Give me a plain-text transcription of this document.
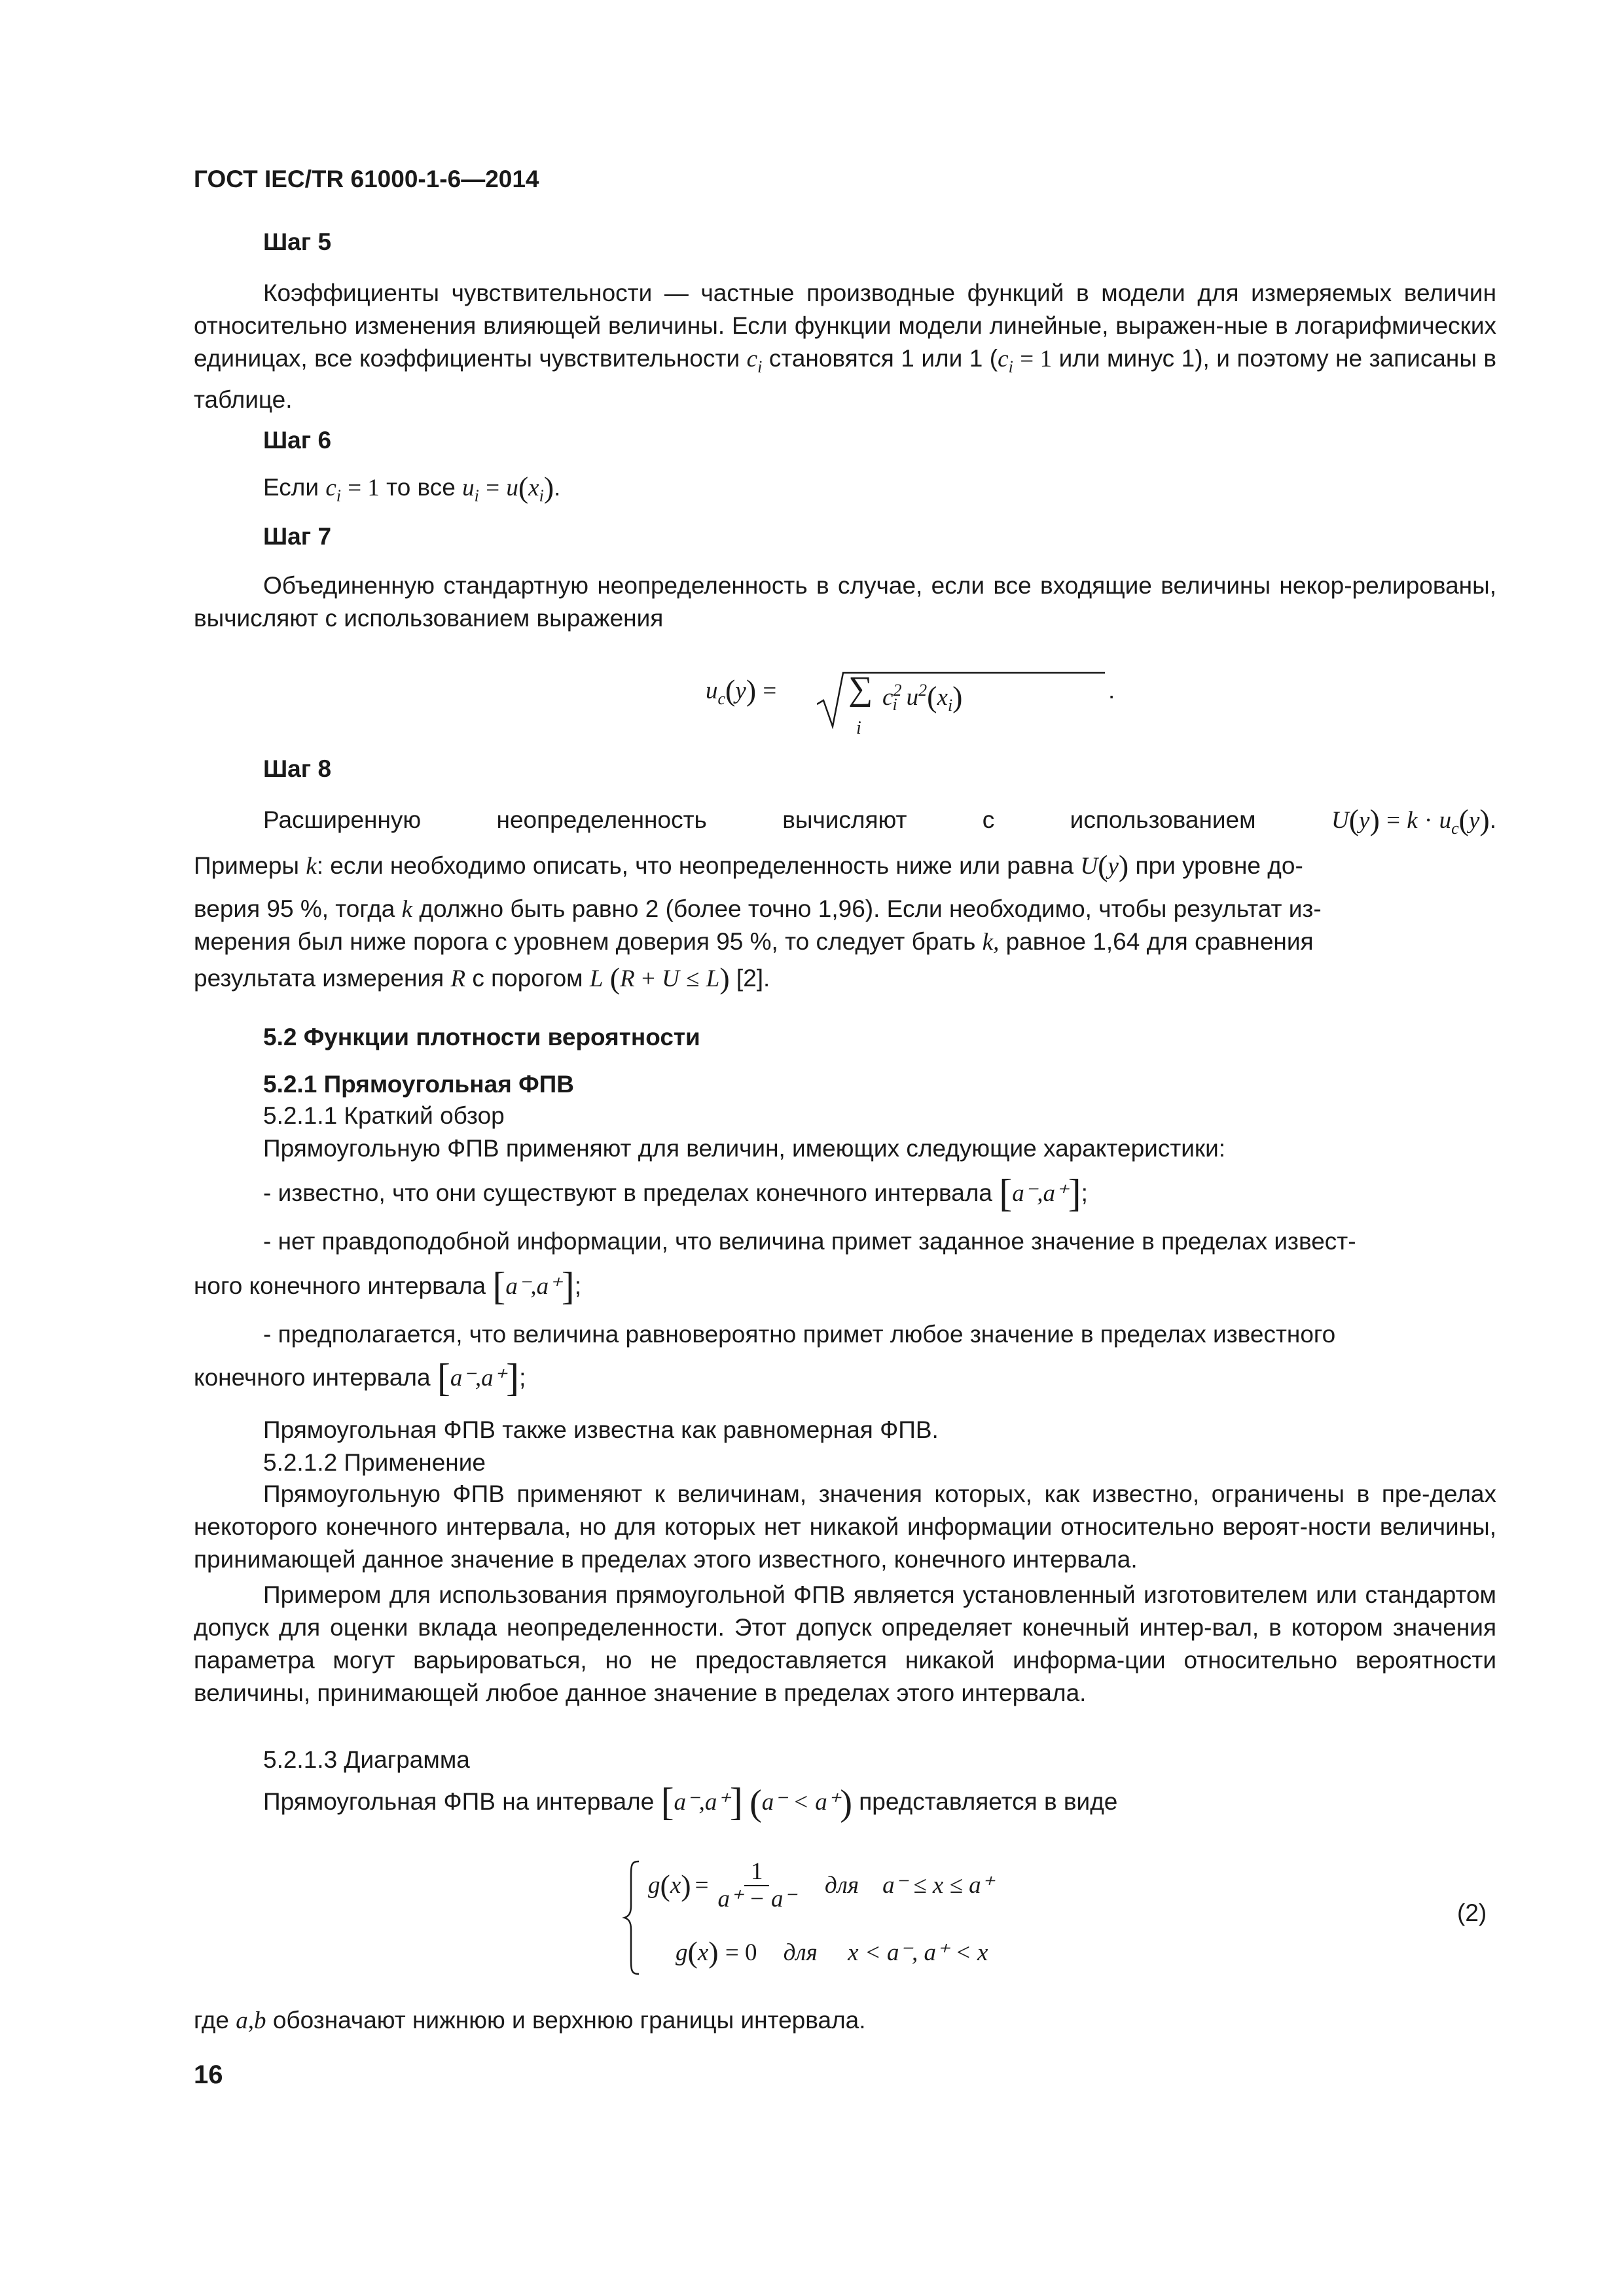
ГОСТ IEC/TR 61000-1-6—2014
Шаг 5
Коэффициенты чувствительности — частные производные функций в модели для измеряемых величин относительно изменения влияющей величины. Если функции модели линейные, выражен-ные в логарифмических единицах, все коэффициенты чувствительности $c_i$ становятся 1 или 1 ($c_i = 1$ или минус 1), и поэтому не записаны в таблице.
Шаг 6
Если $c_i = 1$ то все $u_i = u(x_i)$.
Шаг 7
Объединенную стандартную неопределенность в случае, если все входящие величины некор-релированы, вычисляют с использованием выражения
$u_c(y)$ = ∑
i
$c^2_i$ $u^2(x_i)$	.
Шаг 8
Расширенную	неопределенность	вычисляют	с	использованием	$U(y) = k \cdot u_c(y)$.
Примеры k: если необходимо описать, что неопределенность ниже или равна U(y) при уровне до-
верия 95 %, тогда k должно быть равно 2 (более точно 1,96). Если необходимо, чтобы результат из-
мерения был ниже порога с уровнем доверия 95 %, то следует брать k, равное 1,64 для сравнения
результата измерения R с порогом L (R + U ≤ L) [2].
5.2 Функции плотности вероятности
5.2.1 Прямоугольная ФПВ
5.2.1.1 Краткий обзор
Прямоугольную ФПВ применяют для величин, имеющих следующие характеристики:
- известно, что они существуют в пределах конечного интервала [a⁻,a⁺];
- нет правдоподобной информации, что величина примет заданное значение в пределах извест-
ного конечного интервала [a⁻,a⁺];
- предполагается, что величина равновероятно примет любое значение в пределах известного
конечного интервала [a⁻,a⁺];
Прямоугольная ФПВ также известна как равномерная ФПВ.
5.2.1.2 Применение
Прямоугольную ФПВ применяют к величинам, значения которых, как известно, ограничены в пре-делах некоторого конечного интервала, но для которых нет никакой информации относительно вероят-ности величины, принимающей данное значение в пределах этого известного, конечного интервала.
Примером для использования прямоугольной ФПВ является установленный изготовителем или стандартом допуск для оценки вклада неопределенности. Этот допуск определяет конечный интер-вал, в котором значения параметра могут варьироваться, но не предоставляется никакой информа-ции относительно вероятности величины, принимающей любое данное значение в пределах этого интервала.
5.2.1.3 Диаграмма
Прямоугольная ФПВ на интервале [a⁻,a⁺] (a⁻ < a⁺) представляется в виде
g ( x ) = $\frac{1}{a^+ - a^-}$ для a⁻ ≤ x ≤ a⁺
g(x) = 0 для x < a⁻, a⁺ < x
(2)
где a,b обозначают нижнюю и верхнюю границы интервала.
16
